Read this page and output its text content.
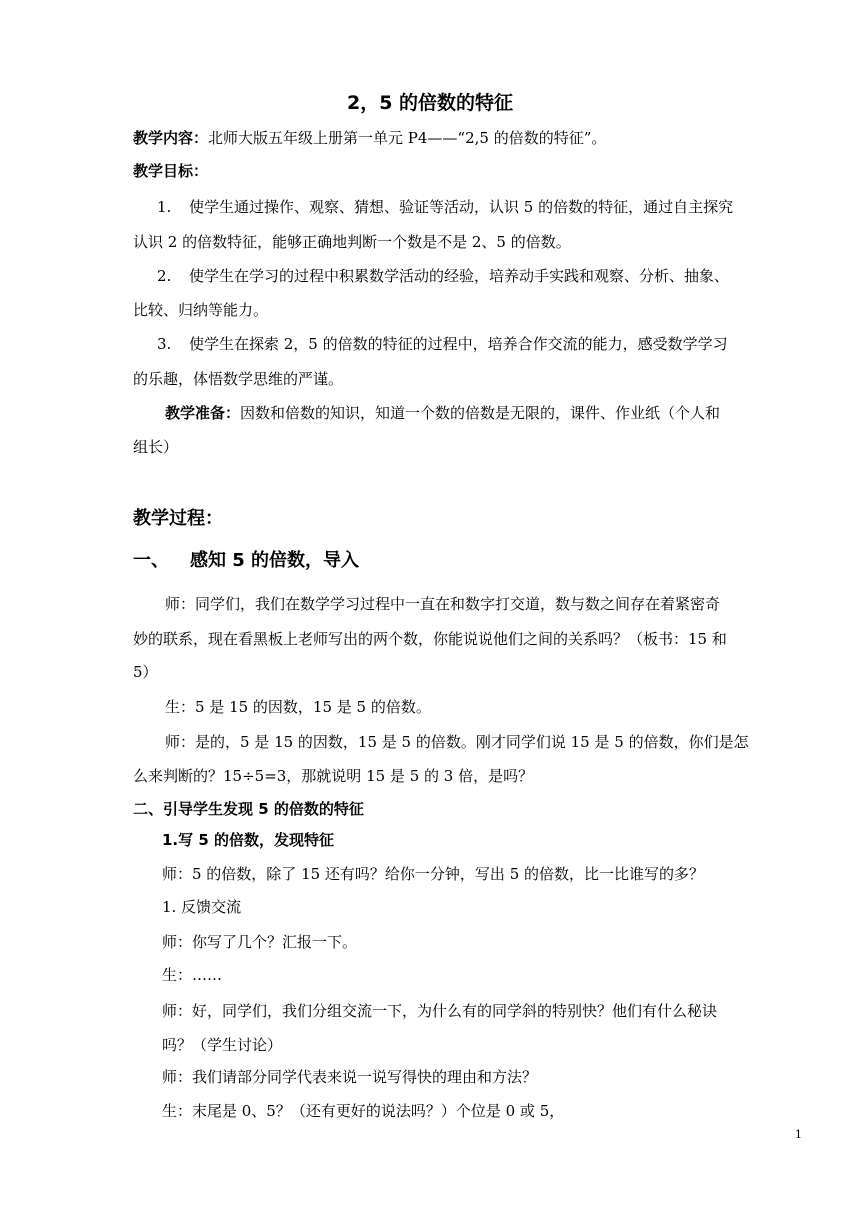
2，5 的倍数的特征
教学内容：北师大版五年级上册第一单元 P4——“2,5 的倍数的特征”。
教学目标：
1. 使学生通过操作、观察、猜想、验证等活动，认识 5 的倍数的特征，通过自主探究
认识 2 的倍数特征，能够正确地判断一个数是不是 2、5 的倍数。
2. 使学生在学习的过程中积累数学活动的经验，培养动手实践和观察、分析、抽象、
比较、归纳等能力。
3. 使学生在探索 2，5 的倍数的特征的过程中，培养合作交流的能力，感受数学学习
的乐趣，体悟数学思维的严谨。
教学准备：因数和倍数的知识，知道一个数的倍数是无限的，课件、作业纸（个人和
组长）
教学过程：
一、 感知 5 的倍数，导入
师：同学们，我们在数学学习过程中一直在和数字打交道，数与数之间存在着紧密奇
妙的联系，现在看黑板上老师写出的两个数，你能说说他们之间的关系吗？（板书：15 和
5）
生：5 是 15 的因数，15 是 5 的倍数。
师：是的，5 是 15 的因数，15 是 5 的倍数。刚才同学们说 15 是 5 的倍数，你们是怎
么来判断的？15÷5=3，那就说明 15 是 5 的 3 倍，是吗？
二、引导学生发现 5 的倍数的特征
1.写 5 的倍数，发现特征
师：5 的倍数，除了 15 还有吗？给你一分钟，写出 5 的倍数，比一比谁写的多？
1. 反馈交流
师：你写了几个？汇报一下。
生：……
师：好，同学们，我们分组交流一下，为什么有的同学斜的特别快？他们有什么秘诀
吗？（学生讨论）
师：我们请部分同学代表来说一说写得快的理由和方法？
生：末尾是 0、5？（还有更好的说法吗？）个位是 0 或 5，
1
